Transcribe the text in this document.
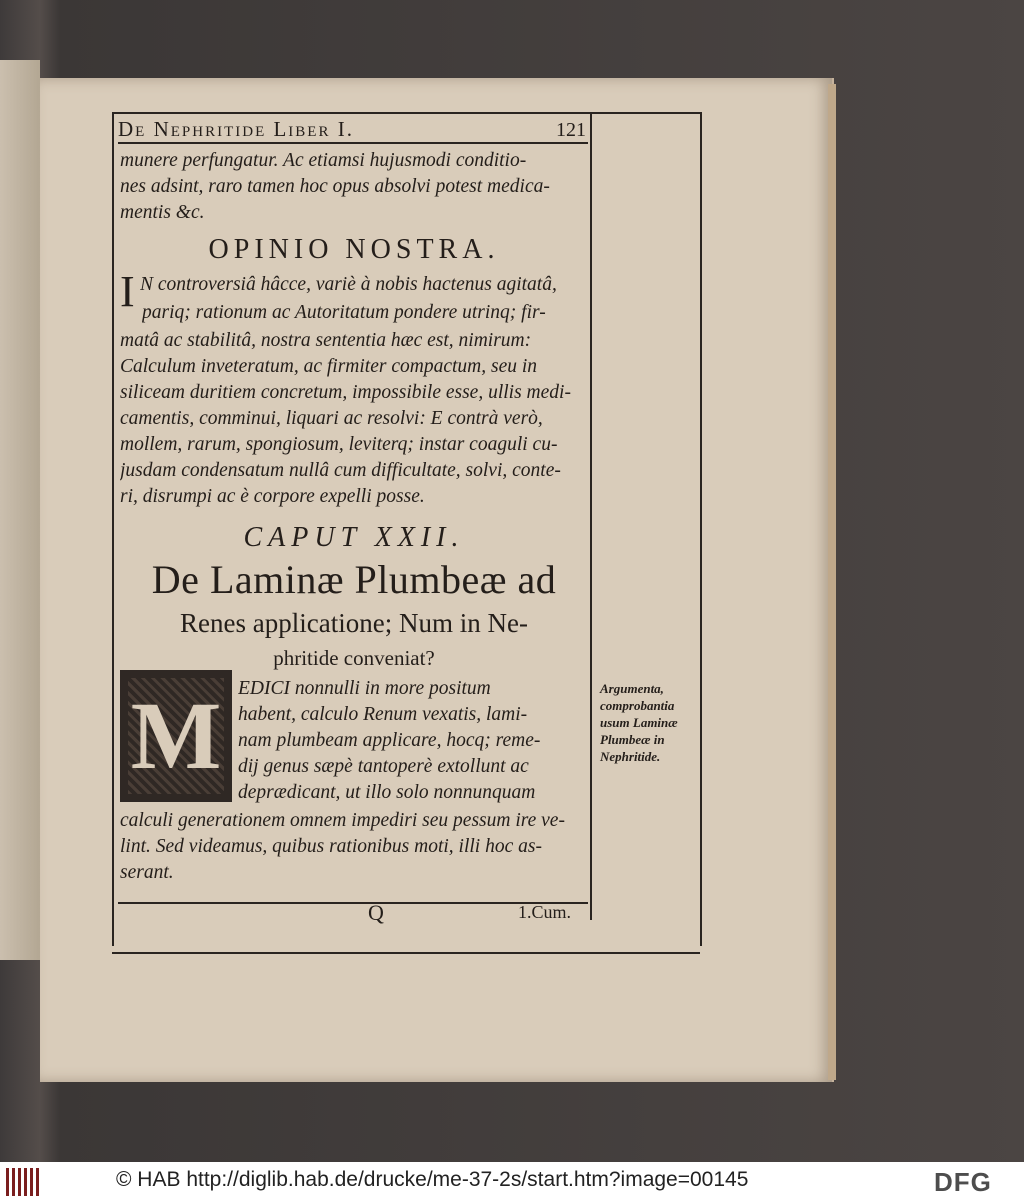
De Nephritide Liber I.	121
munere perfungatur. Ac etiamsi hujusmodi conditio-
nes adsint, raro tamen hoc opus absolvi potest medica-
mentis &c.
OPINIO NOSTRA.
I N controversiâ hâcce, variè à nobis hactenus agitatâ,
pariq; rationum ac Autoritatum pondere utrinq; fir-
matâ ac stabilitâ, nostra sententia hæc est, nimirum:
Calculum inveteratum, ac firmiter compactum, seu in
siliceam duritiem concretum, impossibile esse, ullis medi-
camentis, comminui, liquari ac resolvi: E contrà verò,
mollem, rarum, spongiosum, leviterq; instar coaguli cu-
jusdam condensatum nullâ cum difficultate, solvi, conte-
ri, disrumpi ac è corpore expelli posse.
CAPUT XXII.
De Laminæ Plumbeæ ad
Renes applicatione; Num in Ne-
phritide conveniat?
M EDICI nonnulli in more positum
habent, calculo Renum vexatis, lami-
nam plumbeam applicare, hocq; reme-
dij genus sæpè tantoperè extollunt ac
deprædicant, ut illo solo nonnunquam
calculi generationem omnem impediri seu pessum ire ve-
lint. Sed videamus, quibus rationibus moti, illi hoc as-
serant.
Argumenta,
comprobantia
usum Laminæ
Plumbeæ in
Nephritide.
Q	1.Cum.
© HAB http://diglib.hab.de/drucke/me-37-2s/start.htm?image=00145	DFG
